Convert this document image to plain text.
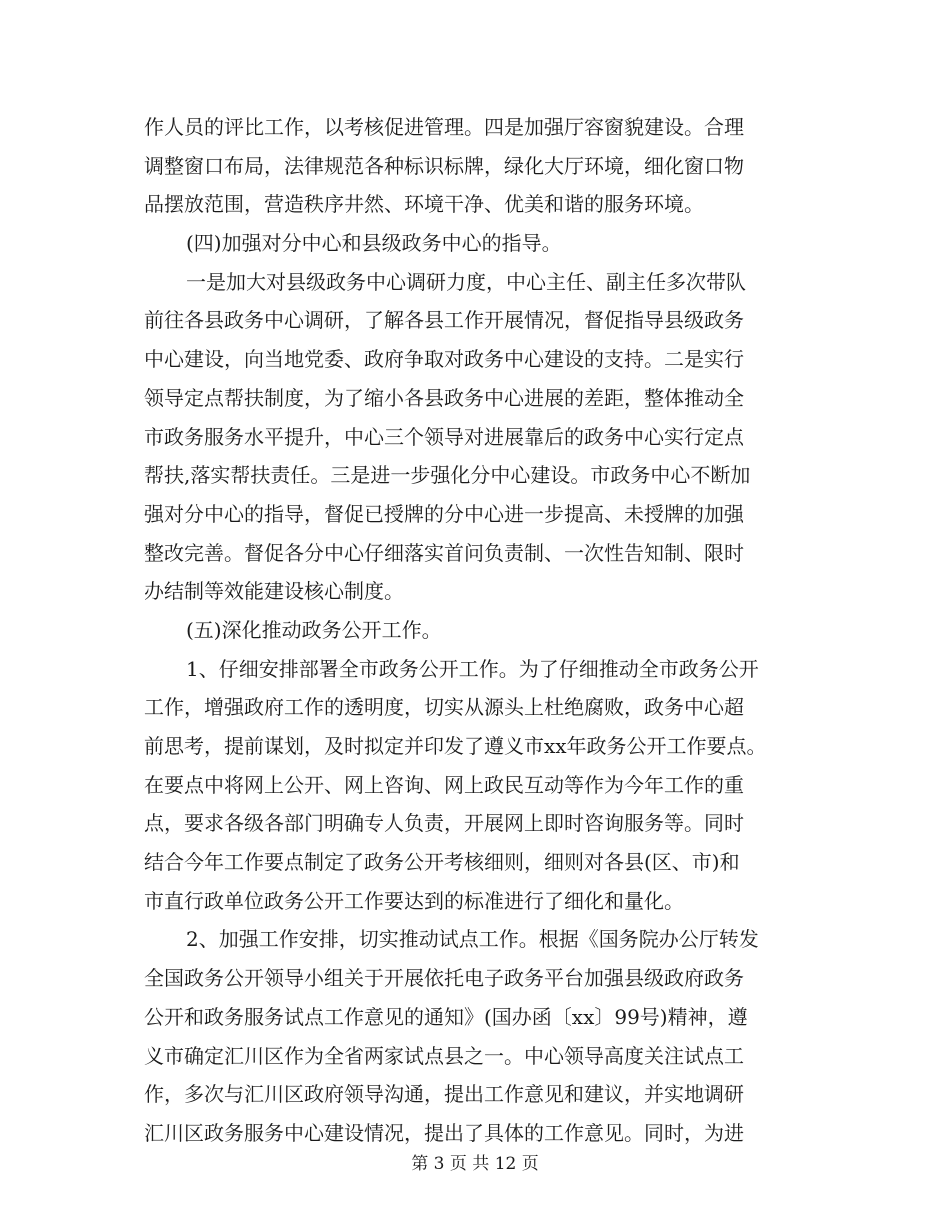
作人员的评比工作，以考核促进管理。四是加强厅容窗貌建设。合理
调整窗口布局，法律规范各种标识标牌，绿化大厅环境，细化窗口物
品摆放范围，营造秩序井然、环境干净、优美和谐的服务环境。
(四)加强对分中心和县级政务中心的指导。
一是加大对县级政务中心调研力度，中心主任、副主任多次带队
前往各县政务中心调研，了解各县工作开展情况，督促指导县级政务
中心建设，向当地党委、政府争取对政务中心建设的支持。二是实行
领导定点帮扶制度，为了缩小各县政务中心进展的差距，整体推动全
市政务服务水平提升，中心三个领导对进展靠后的政务中心实行定点
帮扶,落实帮扶责任。三是进一步强化分中心建设。市政务中心不断加
强对分中心的指导，督促已授牌的分中心进一步提高、未授牌的加强
整改完善。督促各分中心仔细落实首问负责制、一次性告知制、限时
办结制等效能建设核心制度。
(五)深化推动政务公开工作。
1、仔细安排部署全市政务公开工作。为了仔细推动全市政务公开
工作，增强政府工作的透明度，切实从源头上杜绝腐败，政务中心超
前思考，提前谋划，及时拟定并印发了遵义市xx年政务公开工作要点。
在要点中将网上公开、网上咨询、网上政民互动等作为今年工作的重
点，要求各级各部门明确专人负责，开展网上即时咨询服务等。同时
结合今年工作要点制定了政务公开考核细则，细则对各县(区、市)和
市直行政单位政务公开工作要达到的标准进行了细化和量化。
2、加强工作安排，切实推动试点工作。根据《国务院办公厅转发
全国政务公开领导小组关于开展依托电子政务平台加强县级政府政务
公开和政务服务试点工作意见的通知》(国办函〔xx〕99号)精神，遵
义市确定汇川区作为全省两家试点县之一。中心领导高度关注试点工
作，多次与汇川区政府领导沟通，提出工作意见和建议，并实地调研
汇川区政务服务中心建设情况，提出了具体的工作意见。同时，为进
第 3 页 共 12 页
